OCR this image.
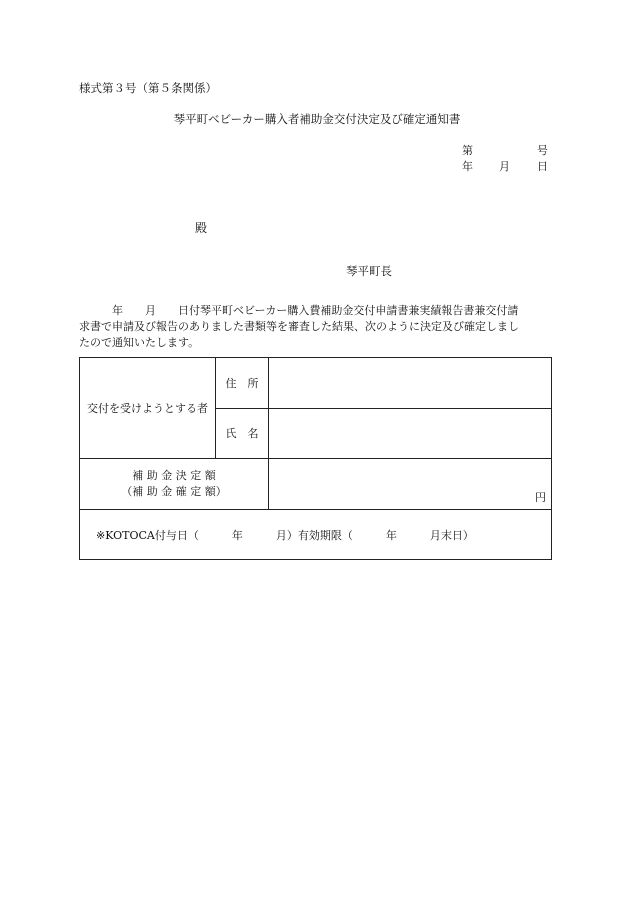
様式第３号（第５条関係）
琴平町ベビーカー購入者補助金交付決定及び確定通知書
第	号
年 月 日
殿
琴平町長
　　　年　　月　　日付琴平町ベビーカー購入費補助金交付申請書兼実績報告書兼交付請
求書で申請及び報告のありました書類等を審査した結果、次のように決定及び確定しまし
たので通知いたします。
交付を受けようとする者	住　所	
	氏　名	

補 助 金 決 定 額
（補 助 金 確 定 額）		円

※KOTOCA付与日（　　　年　　　月）有効期限（　　　年　　　月末日）		
